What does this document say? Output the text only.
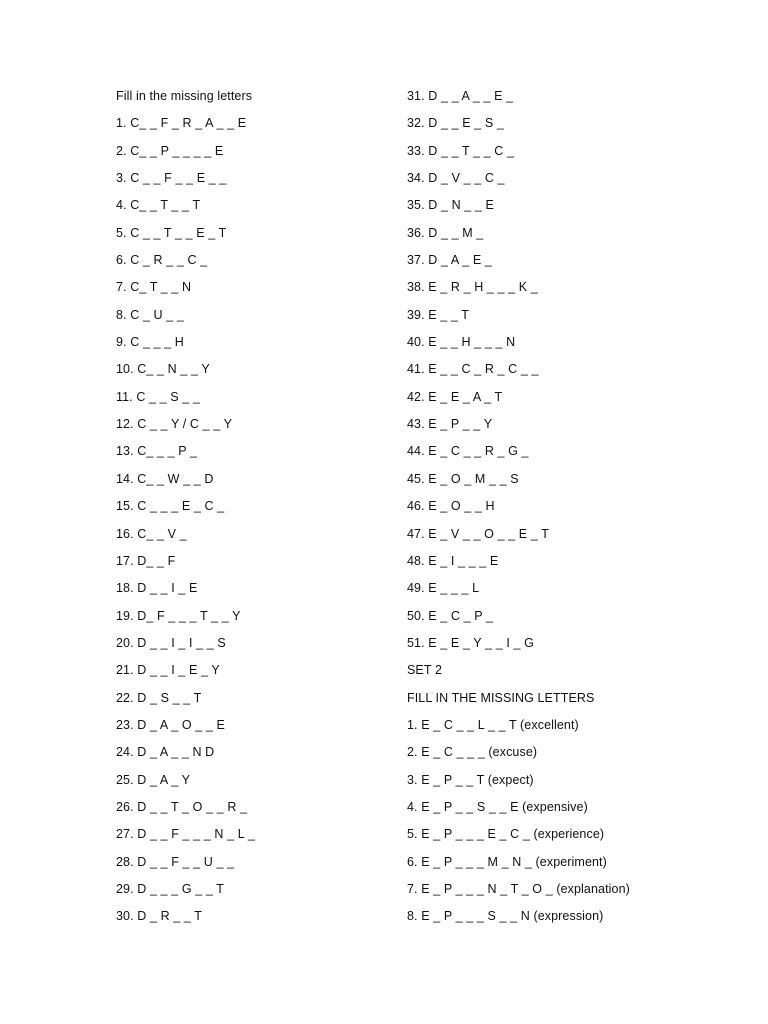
Fill in the missing letters
1. C_ _ F _ R _ A _ _ E
2. C_ _ P _ _ _ _ E
3. C _ _ F _ _ E _ _
4. C_ _ T _ _ T
5. C _ _ T _ _ E _ T
6. C _ R _ _ C _
7. C_ T _ _ N
8. C _ U _ _
9. C _ _ _ H
10. C_ _ N _ _ Y
11. C _ _ S _ _
12. C _ _ Y / C _ _ Y
13. C_ _ _ P _
14. C_ _ W _ _ D
15. C _ _ _ E _ C _
16. C_ _ V _
17. D_ _ F
18. D _ _ I _ E
19. D_ F _ _ _ T _ _ Y
20. D _ _ I _ I _ _ S
21. D _ _ I _ E _ Y
22. D _ S _ _ T
23. D _ A _ O _ _ E
24. D _ A _ _ N D
25. D _ A _ Y
26. D _ _ T _ O _ _ R _
27. D _ _ F _ _ _ N _ L _
28. D _ _ F _ _ U _ _
29. D _ _ _ G _ _ T
30. D _ R _ _ T
31. D _ _ A _ _ E _
32. D _ _ E _ S _
33. D _ _ T _ _ C _
34. D _ V _ _ C _
35. D _ N _ _ E
36. D _ _ M _
37. D _ A _ E _
38. E _ R _ H _ _ _ K _
39. E _ _ T
40. E _ _ H _ _ _ N
41. E _ _ C _ R _ C _ _
42. E _ E _ A _ T
43. E _ P _ _ Y
44. E _ C _ _ R _ G _
45. E _ O _ M _ _ S
46. E _ O _ _ H
47. E _ V _ _ O _ _ E _ T
48. E _ I _ _ _ E
49. E _ _ _ L
50. E _ C _ P _
51. E _ E _ Y _ _ I _ G
SET 2
FILL IN THE MISSING LETTERS
1. E _ C _ _ L _ _ T (excellent)
2. E _ C _ _ _ (excuse)
3. E _ P _ _ T (expect)
4. E _ P _ _ S _ _ E (expensive)
5. E _ P _ _ _ E _ C _ (experience)
6. E _ P _ _ _ M _ N _ (experiment)
7. E _ P _ _ _ N _ T _ O _ (explanation)
8. E _ P _ _ _ S _ _ N (expression)
